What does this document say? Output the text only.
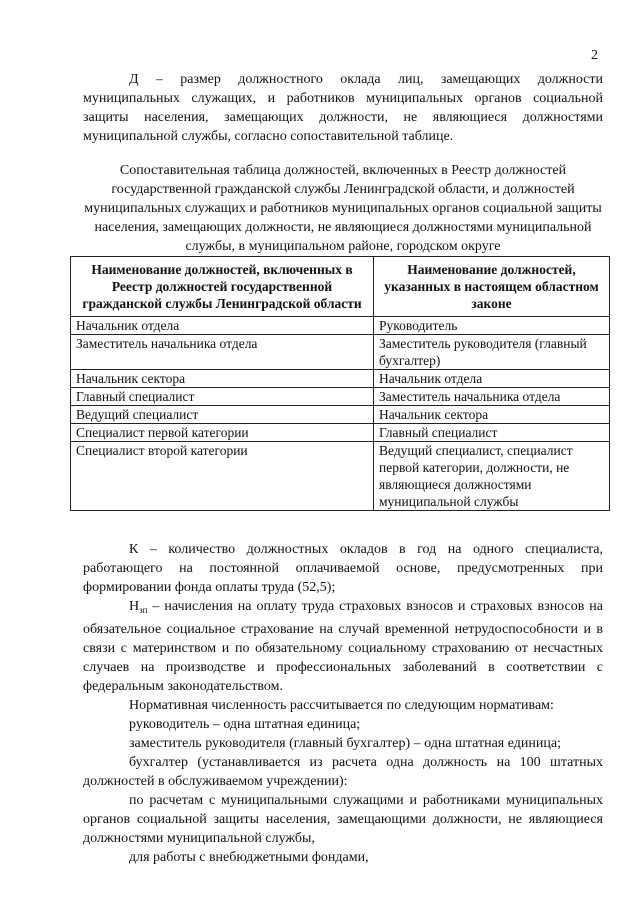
2

Д – размер должностного оклада лиц, замещающих должности муниципальных служащих, и работников муниципальных органов социальной защиты населения, замещающих должности, не являющиеся должностями муниципальной службы, согласно сопоставительной таблице.

Сопоставительная таблица должностей, включенных в Реестр должностей государственной гражданской службы Ленинградской области, и должностей муниципальных служащих и работников муниципальных органов социальной защиты населения, замещающих должности, не являющиеся должностями муниципальной службы, в муниципальном районе, городском округе

Наименование должностей, включенных в Реестр должностей государственной гражданской службы Ленинградской области	Наименование должностей, указанных в настоящем областном законе
Начальник отдела	Руководитель
Заместитель начальника отдела	Заместитель руководителя (главный бухгалтер)
Начальник сектора	Начальник отдела
Главный специалист	Заместитель начальника отдела
Ведущий специалист	Начальник сектора
Специалист первой категории	Главный специалист
Специалист второй категории	Ведущий специалист, специалист первой категории, должности, не являющиеся должностями муниципальной службы

К – количество должностных окладов в год на одного специалиста, работающего на постоянной оплачиваемой основе, предусмотренных при формировании фонда оплаты труда (52,5);

$Н_{зп}$ – начисления на оплату труда страховых взносов и страховых взносов на обязательное социальное страхование на случай временной нетрудоспособности и в связи с материнством и по обязательному социальному страхованию от несчастных случаев на производстве и профессиональных заболеваний в соответствии с федеральным законодательством.

Нормативная численность рассчитывается по следующим нормативам:

руководитель – одна штатная единица;

заместитель руководителя (главный бухгалтер) – одна штатная единица;

бухгалтер (устанавливается из расчета одна должность на 100 штатных должностей в обслуживаемом учреждении):

по расчетам с муниципальными служащими и работниками муниципальных органов социальной защиты населения, замещающими должности, не являющиеся должностями муниципальной службы,

для работы с внебюджетными фондами,
